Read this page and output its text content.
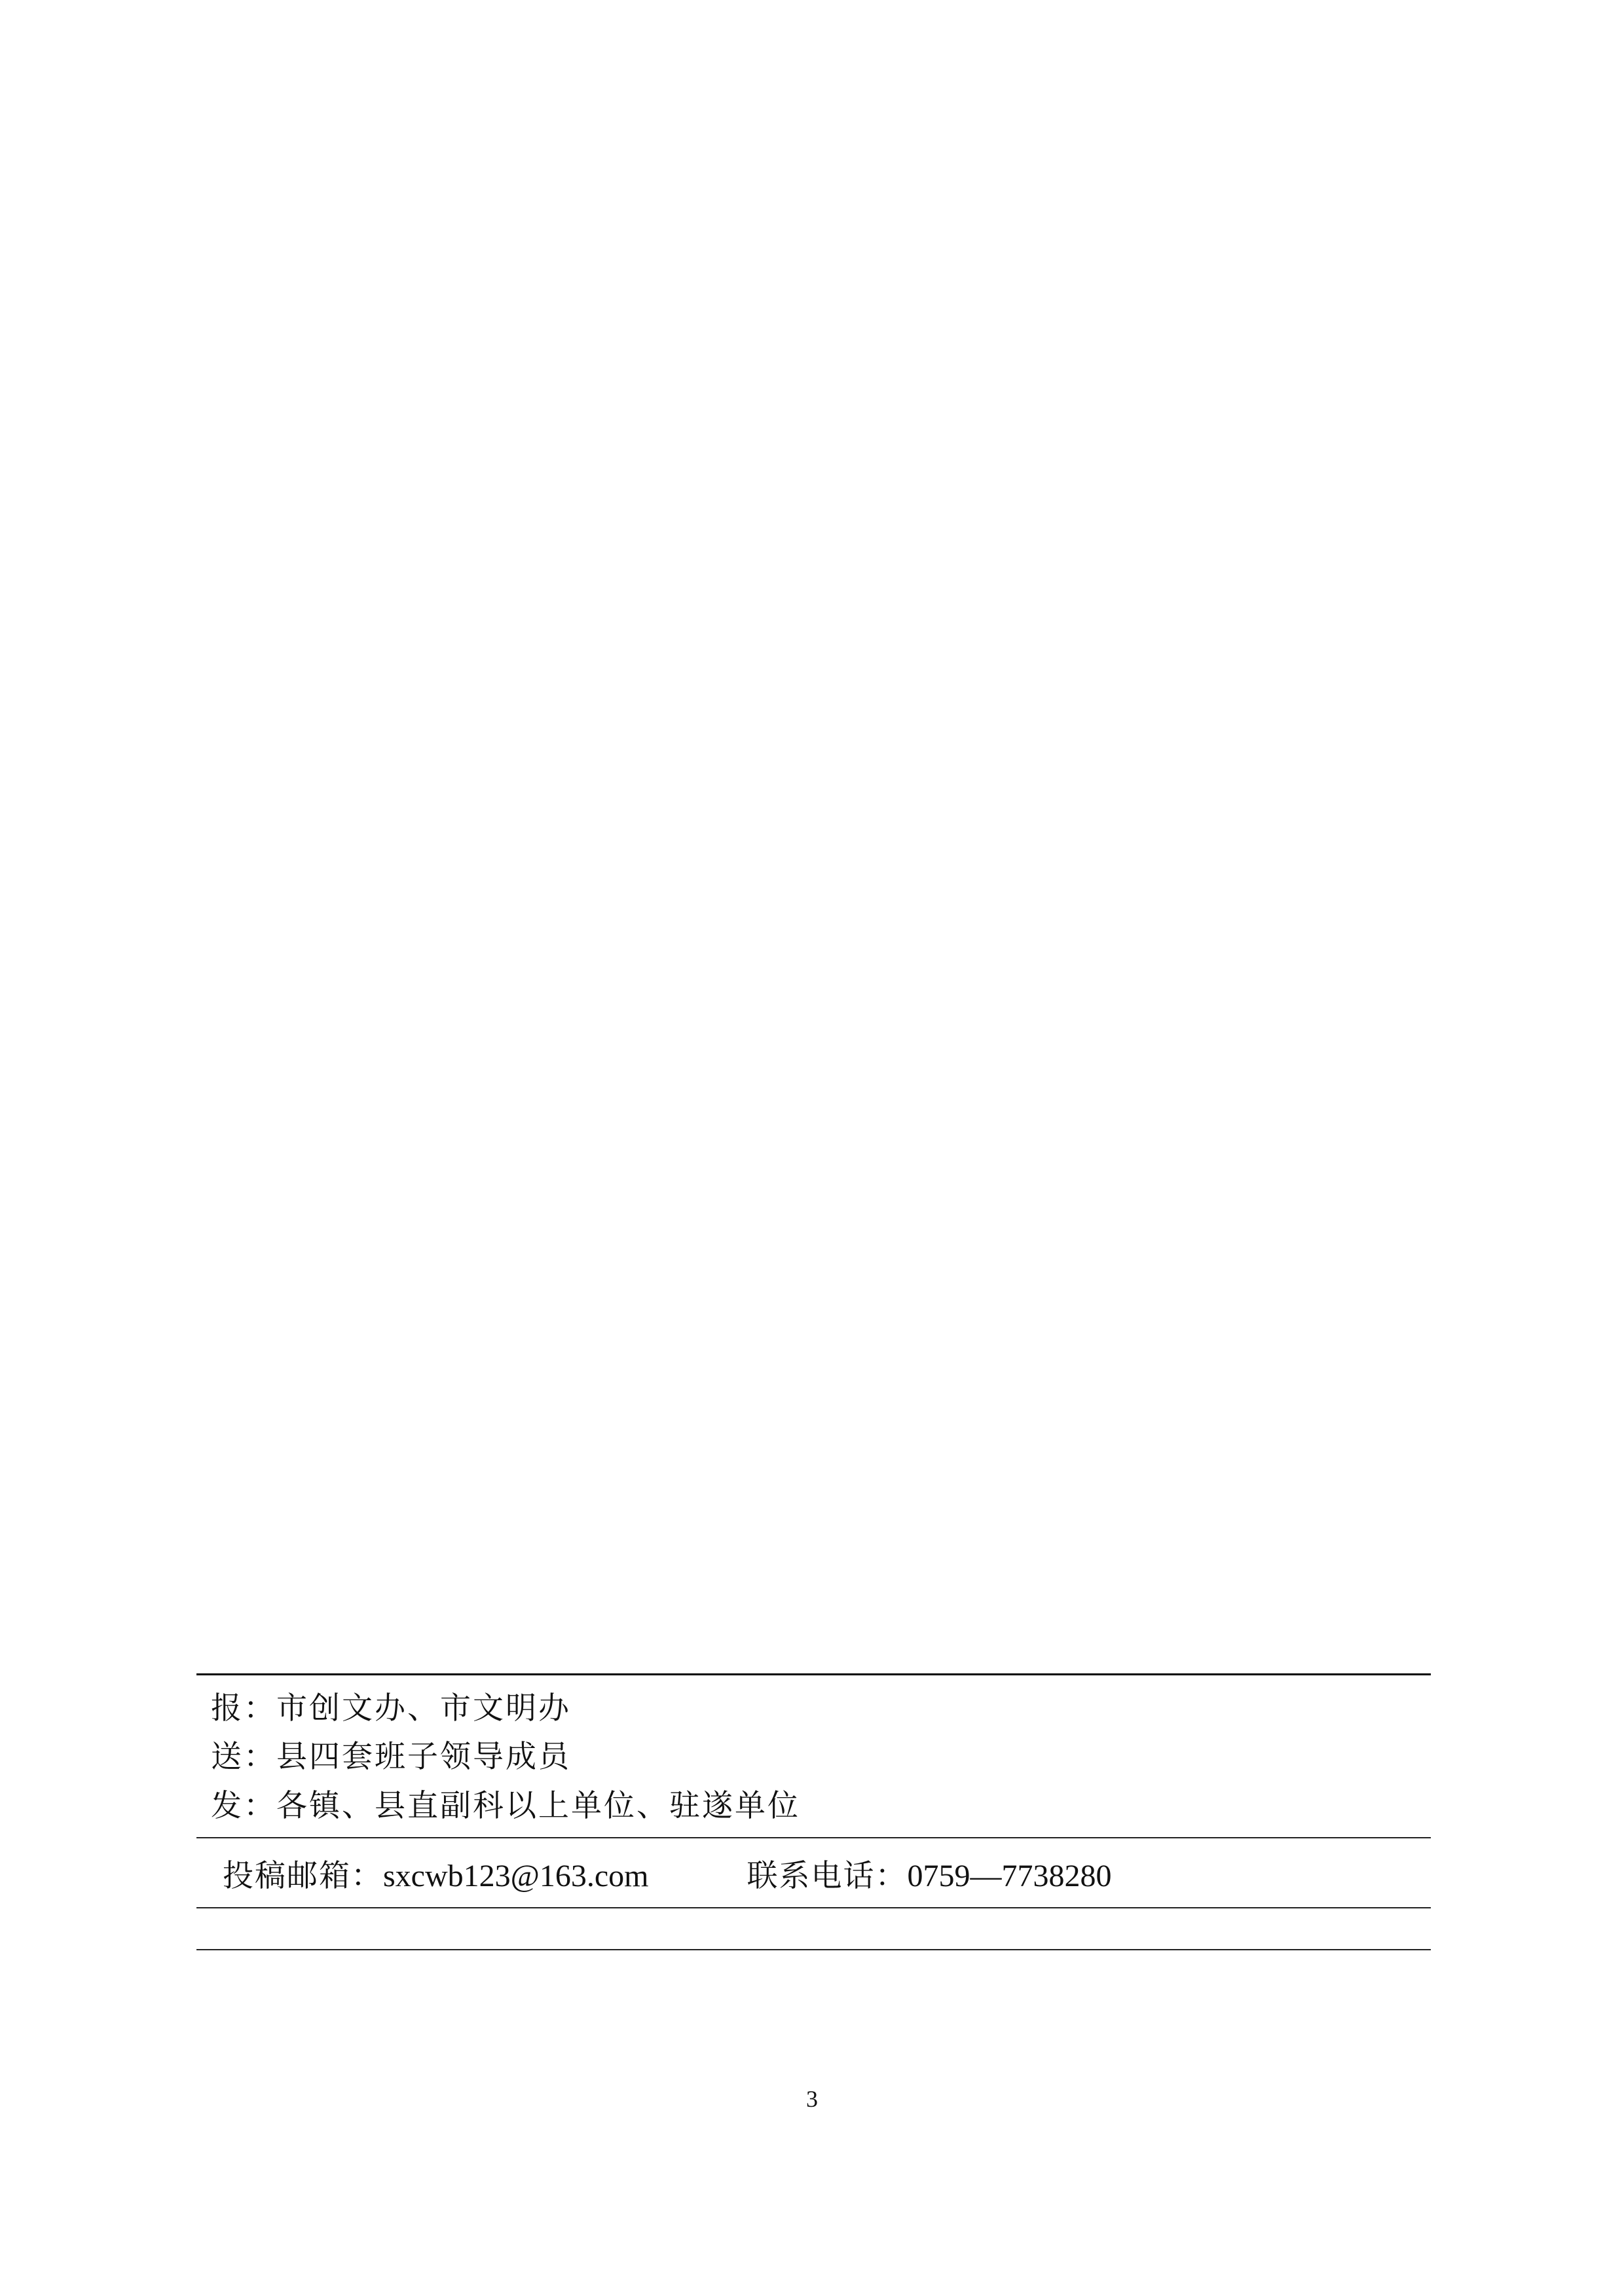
报： 市创文办、市文明办
送： 县四套班子领导成员
发： 各镇、县直副科以上单位、驻遂单位
投稿邮箱： sxcwb123@163.com	联系电话： 0759—7738280
3
